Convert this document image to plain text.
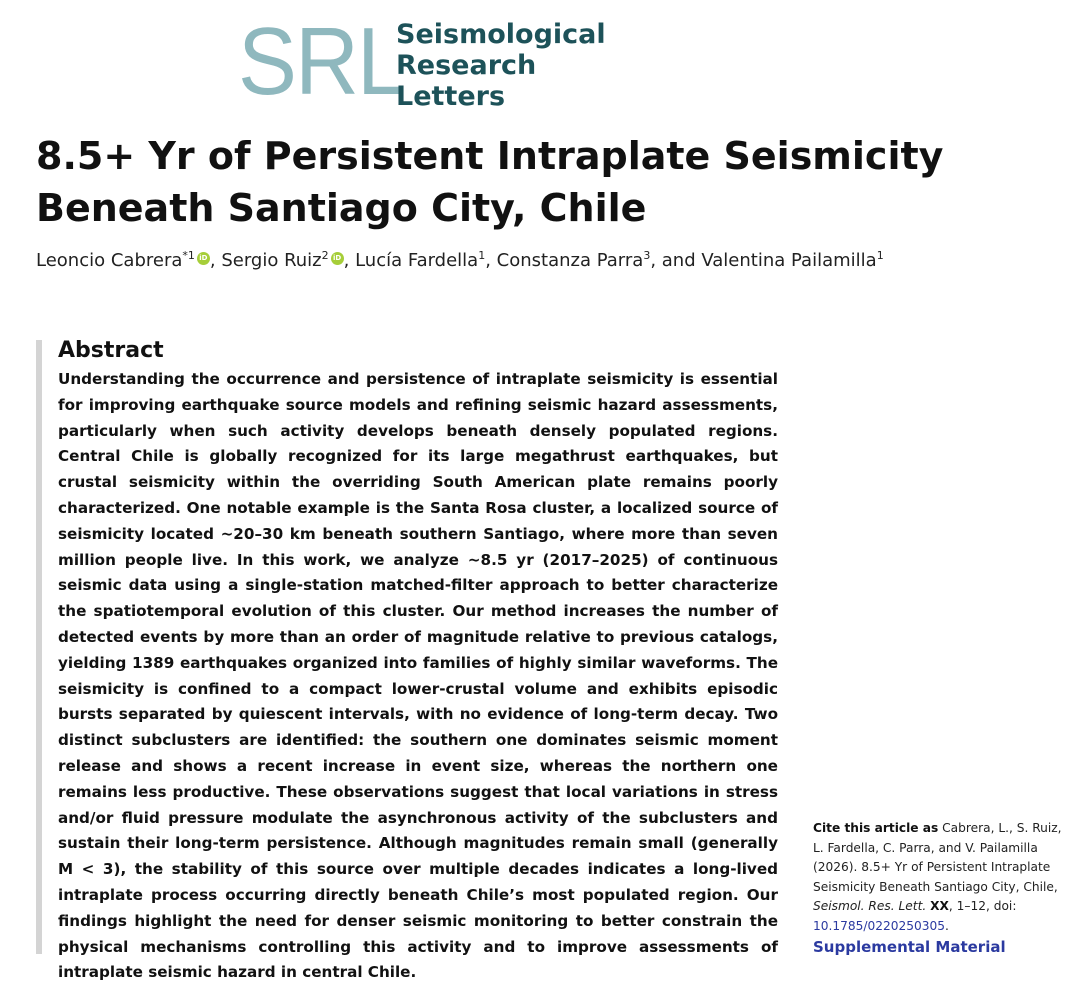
SRL
Seismological
Research
Letters
8.5+ Yr of Persistent Intraplate Seismicity
Beneath Santiago City, Chile
Leoncio Cabrera$^{*1}$ iD , Sergio Ruiz$^2$ iD , Lucía Fardella$^1$, Constanza Parra$^3$, and Valentina Pailamilla$^1$
Abstract

Understanding the occurrence and persistence of intraplate seismicity is essential for improving earthquake source models and refining seismic hazard assessments, particularly when such activity develops beneath densely populated regions. Central Chile is globally recognized for its large megathrust earthquakes, but crustal seismicity within the overriding South American plate remains poorly characterized. One notable example is the Santa Rosa cluster, a localized source of seismicity located ~20–30 km beneath southern Santiago, where more than seven million people live. In this work, we analyze ~8.5 yr (2017–2025) of continuous seismic data using a single-station matched-filter approach to better characterize the spatiotemporal evolution of this cluster. Our method increases the number of detected events by more than an order of magnitude relative to previous catalogs, yielding 1389 earthquakes organized into families of highly similar waveforms. The seismicity is confined to a compact lower-crustal volume and exhibits episodic bursts separated by quiescent intervals, with no evidence of long-term decay. Two distinct subclusters are identified: the southern one dominates seismic moment release and shows a recent increase in event size, whereas the northern one remains less productive. These observations suggest that local variations in stress and/or fluid pressure modulate the asynchronous activity of the subclusters and sustain their long-term persistence. Although magnitudes remain small (generally M < 3), the stability of this source over multiple decades indicates a long-lived intraplate process occurring directly beneath Chile’s most populated region. Our findings highlight the need for denser seismic monitoring to better constrain the physical mechanisms controlling this activity and to improve assessments of intraplate seismic hazard in central Chile.

Cite this article as Cabrera, L., S. Ruiz, L. Fardella, C. Parra, and V. Pailamilla (2026). 8.5+ Yr of Persistent Intraplate Seismicity Beneath Santiago City, Chile, Seismol. Res. Lett. XX, 1–12, doi: 10.1785/0220250305.
Supplemental Material
